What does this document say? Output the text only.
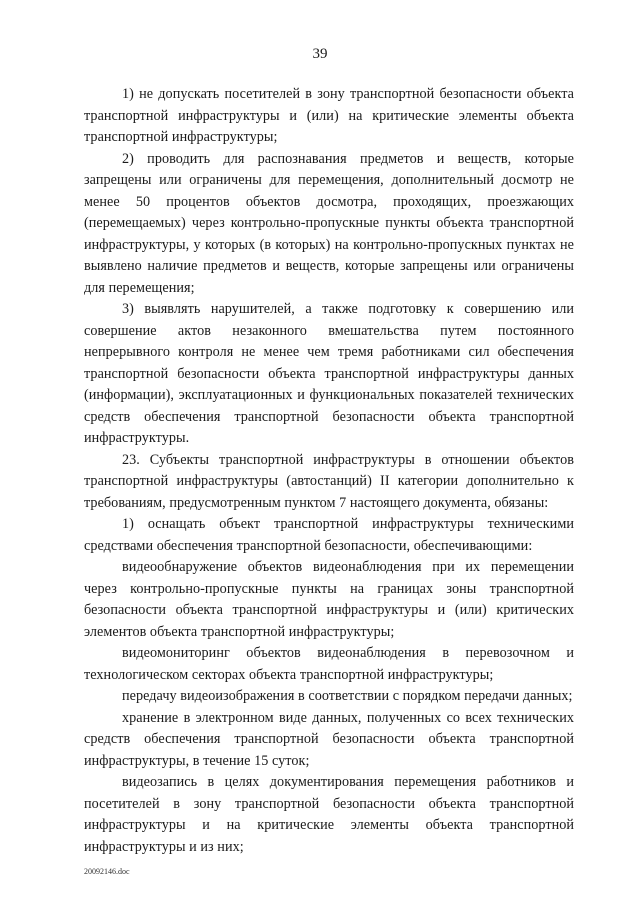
39

1) не допускать посетителей в зону транспортной безопасности объекта транспортной инфраструктуры и (или) на критические элементы объекта транспортной инфраструктуры;

2) проводить для распознавания предметов и веществ, которые запрещены или ограничены для перемещения, дополнительный досмотр не менее 50 процентов объектов досмотра, проходящих, проезжающих (перемещаемых) через контрольно-пропускные пункты объекта транспортной инфраструктуры, у которых (в которых) на контрольно-пропускных пунктах не выявлено наличие предметов и веществ, которые запрещены или ограничены для перемещения;

3) выявлять нарушителей, а также подготовку к совершению или совершение актов незаконного вмешательства путем постоянного непрерывного контроля не менее чем тремя работниками сил обеспечения транспортной безопасности объекта транспортной инфраструктуры данных (информации), эксплуатационных и функциональных показателей технических средств обеспечения транспортной безопасности объекта транспортной инфраструктуры.

23. Субъекты транспортной инфраструктуры в отношении объектов транспортной инфраструктуры (автостанций) II категории дополнительно к требованиям, предусмотренным пунктом 7 настоящего документа, обязаны:

1) оснащать объект транспортной инфраструктуры техническими средствами обеспечения транспортной безопасности, обеспечивающими:

видеообнаружение объектов видеонаблюдения при их перемещении через контрольно-пропускные пункты на границах зоны транспортной безопасности объекта транспортной инфраструктуры и (или) критических элементов объекта транспортной инфраструктуры;

видеомониторинг объектов видеонаблюдения в перевозочном и технологическом секторах объекта транспортной инфраструктуры;

передачу видеоизображения в соответствии с порядком передачи данных;

хранение в электронном виде данных, полученных со всех технических средств обеспечения транспортной безопасности объекта транспортной инфраструктуры, в течение 15 суток;

видеозапись в целях документирования перемещения работников и посетителей в зону транспортной безопасности объекта транспортной инфраструктуры и на критические элементы объекта транспортной инфраструктуры и из них;

20092146.doc
